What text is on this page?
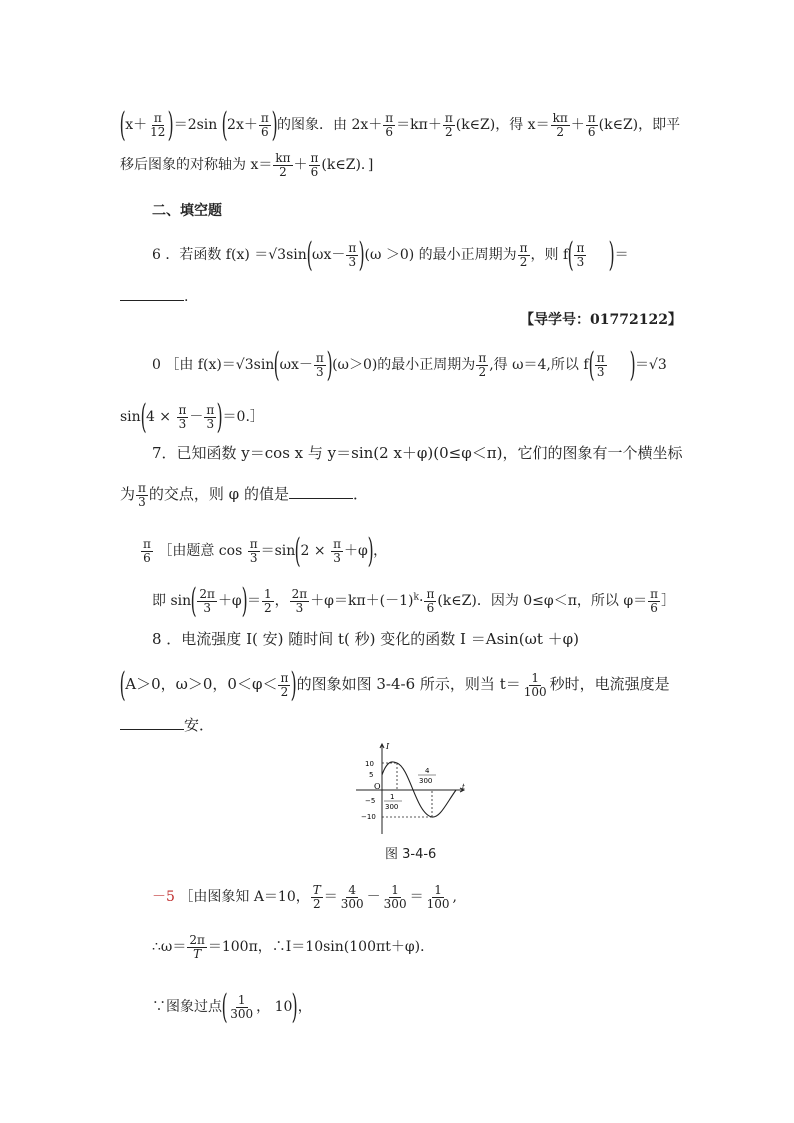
$(x+ \frac{\pi}{12} )=2\sin$ ($2x+ \frac{\pi}{6}$ )的图象．由 $2x+ \frac{\pi}{6} =k\pi+ \frac{\pi}{2}$ (k∈Z)，得 $x= \frac{k\pi}{2} + \frac{\pi}{6}$ (k∈Z)，即平
移后图象的对称轴为 $x= \frac{k\pi}{2} + \frac{\pi}{6}$ (k∈Z)．]
二、填空题
6 ．若函数 $f(x) =√3\sin(\omega x- \frac{\pi}{3} )(\omega >0)$ 的最小正周期为 $\frac{\pi}{2}$ ，则 $f( \frac{\pi}{3}$ )＝
.
【导学号：01772122】
0 ［由 $f(x)=√3\sin(\omega x- \frac{\pi}{3} )(\omega>0)$的最小正周期为 $\frac{\pi}{2}$ ,得 ω＝4,所以 $f( \frac{\pi}{3} )=√3$
$\sin(4 \times \frac{\pi}{3} - \frac{\pi}{3}$ )＝0.］
7．已知函数 y＝cos x 与 y＝sin(2 x＋φ)(0≤φ＜π)，它们的图象有一个横坐标
为 $\frac{\pi}{3}$ 的交点，则 φ 的值是	．
$\frac{\pi}{6}$ ［由题意 $\cos \frac{\pi}{3} =\sin(2 \times \frac{\pi}{3} +\varphi)$，
即 $\sin( \frac{2\pi}{3} +\varphi)= \frac{1}{2}$ ， $\frac{2\pi}{3} +\varphi=k\pi+(-1)^k\cdot \frac{\pi}{6}$ (k∈Z)．因为 0≤φ＜π，所以 $\varphi= \frac{\pi}{6}$ ］
8 ．电流强度 I( 安) 随时间 t( 秒) 变化的函数 I ＝Asin(ωt ＋φ)
(A＞0，ω＞0，$0<\varphi< \frac{\pi}{2}$ )的图象如图 3-4-6 所示，则当 $t= \frac{1}{100}$ 秒时，电流强度是
安．
I
t
O
10
5
−5
−10
1
300
4
300
图 3-4-6
－5 ［由图象知 A＝10， $\frac{T}{2} = \frac{4}{300} - \frac{1}{300} = \frac{1}{100}$ ,
∴ω＝ $\frac{2\pi}{T} =100\pi$，∴I＝10sin(100πt＋φ)．
∵图象过点( $\frac{1}{300}$ ， 10)，
